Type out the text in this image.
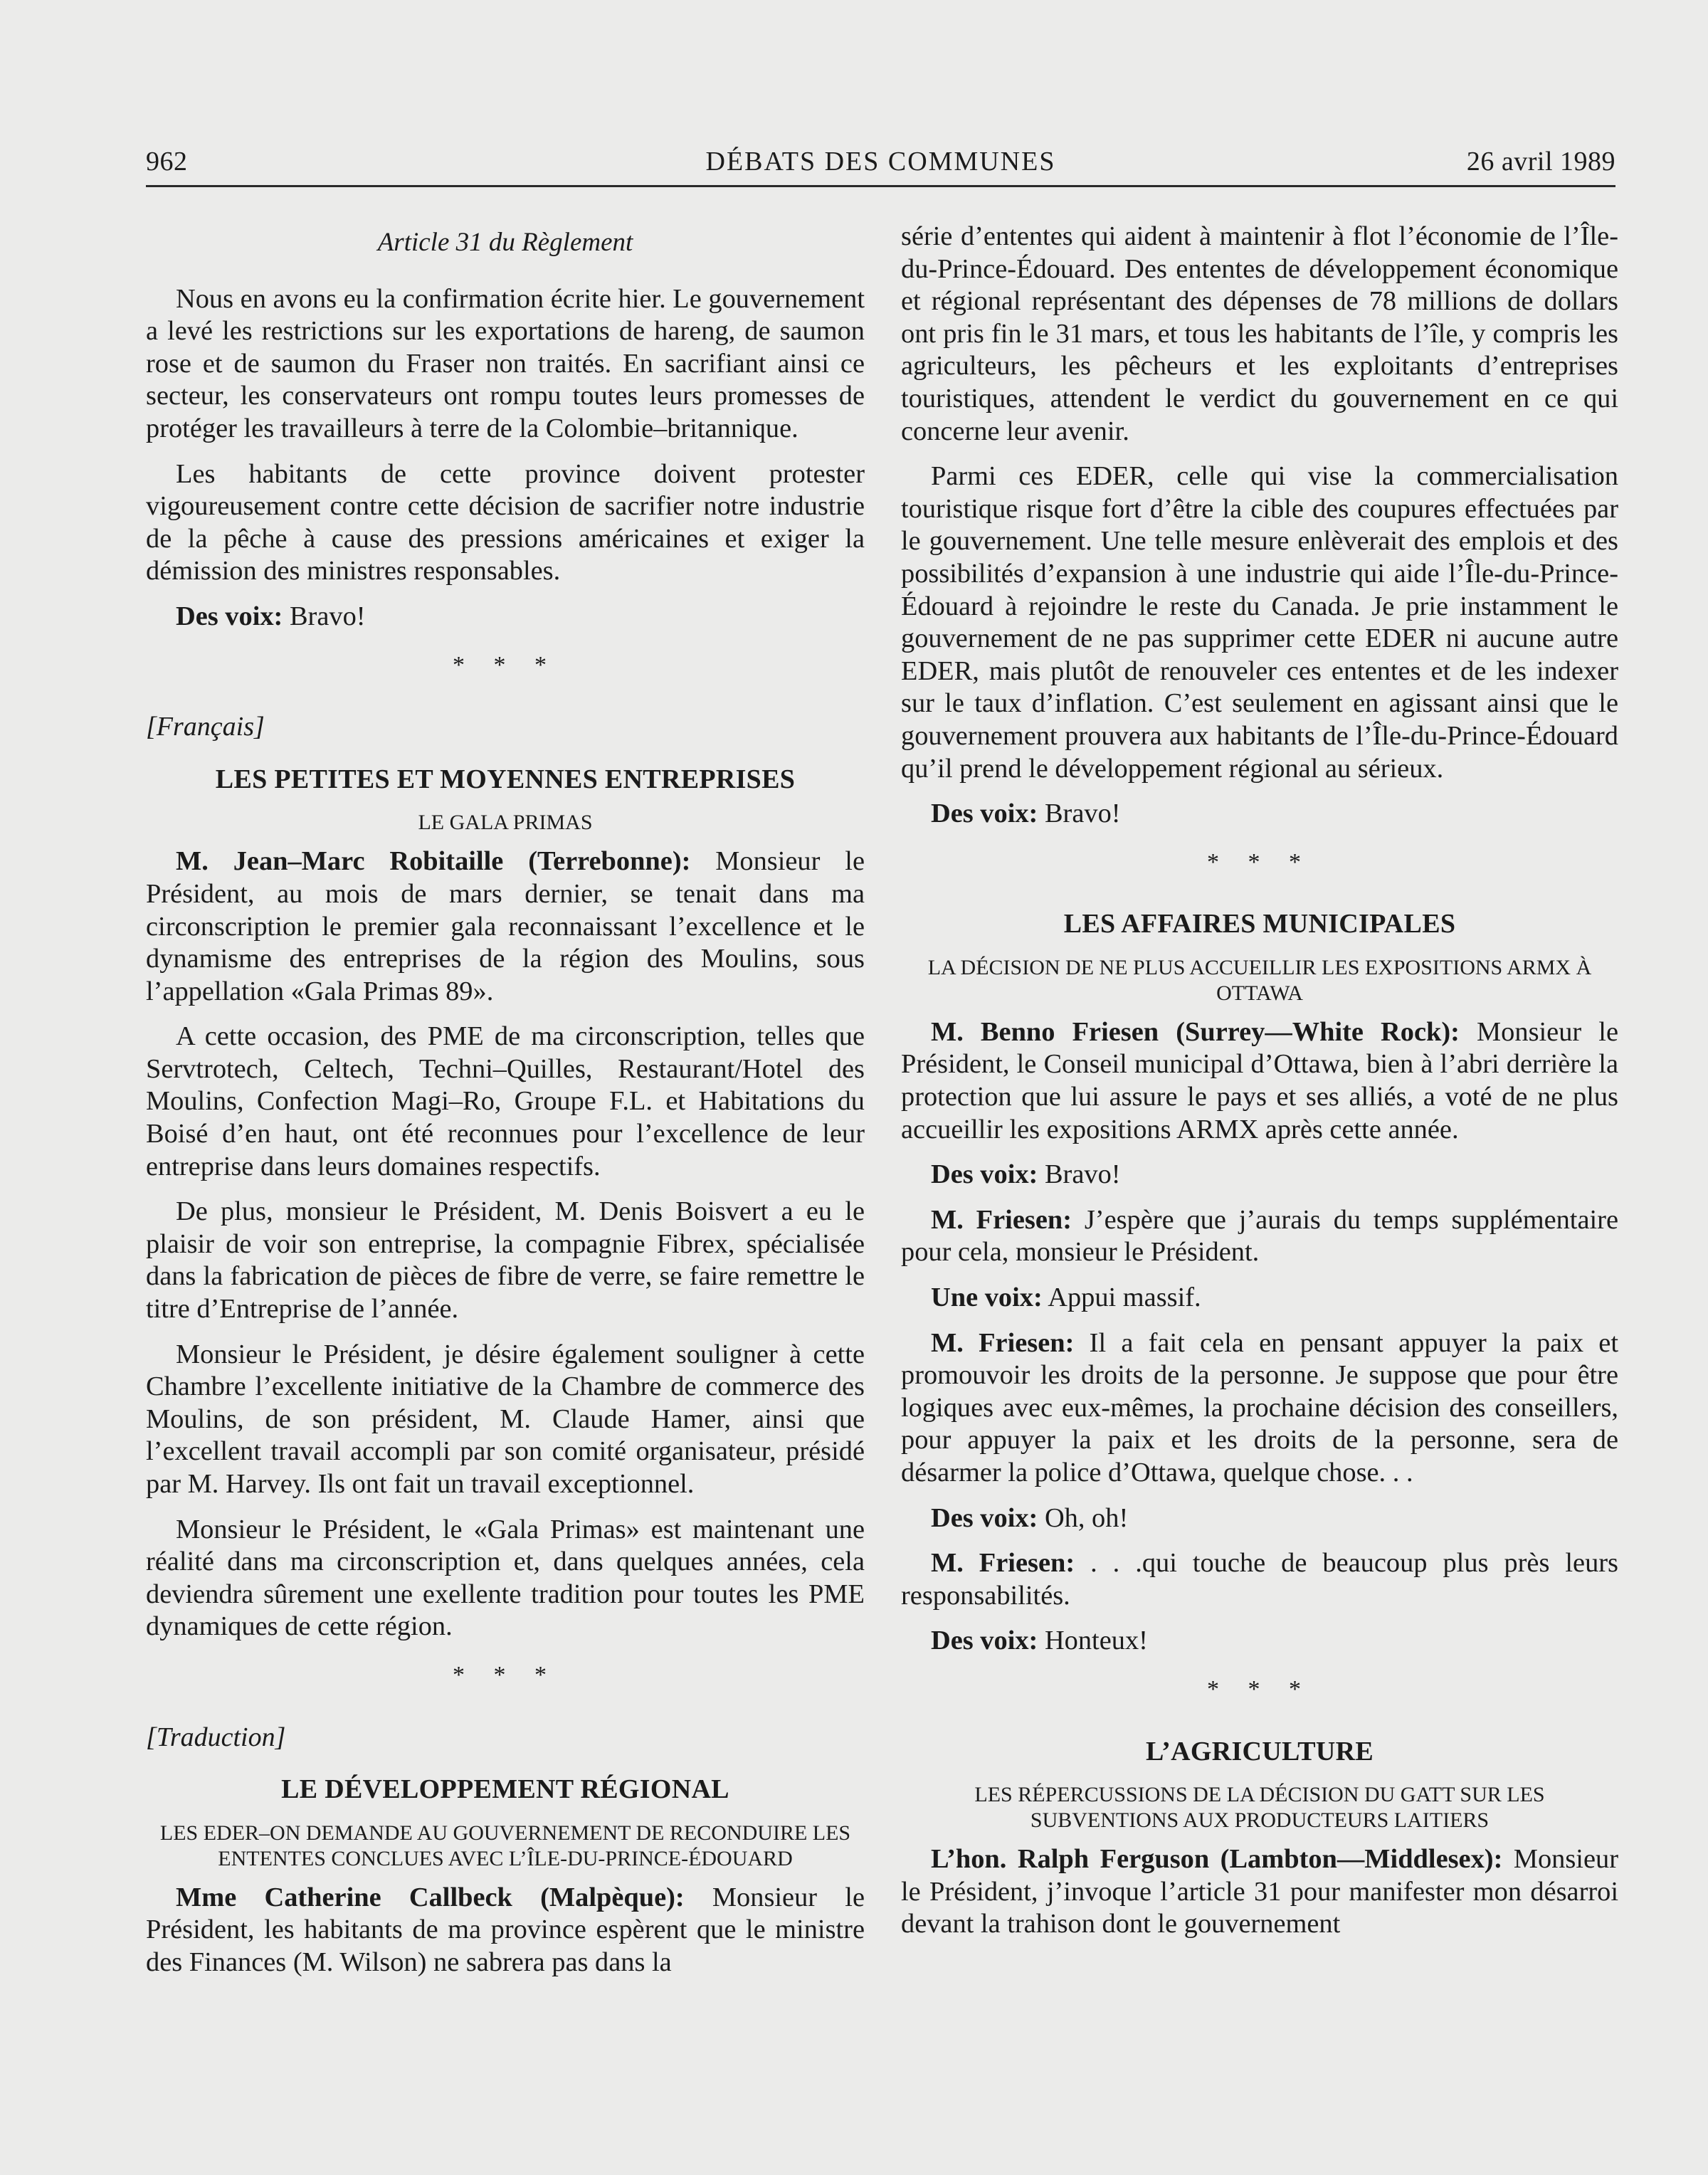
962	DÉBATS DES COMMUNES	26 avril 1989
Article 31 du Règlement

Nous en avons eu la confirmation écrite hier. Le gouvernement a levé les restrictions sur les exportations de hareng, de saumon rose et de saumon du Fraser non traités. En sacrifiant ainsi ce secteur, les conservateurs ont rompu toutes leurs promesses de protéger les travailleurs à terre de la Colombie–britannique.

Les habitants de cette province doivent protester vigoureusement contre cette décision de sacrifier notre industrie de la pêche à cause des pressions américaines et exiger la démission des ministres responsables.

Des voix: Bravo!

* * *
[Français]
LES PETITES ET MOYENNES ENTREPRISES
LE GALA PRIMAS

M. Jean–Marc Robitaille (Terrebonne): Monsieur le Président, au mois de mars dernier, se tenait dans ma circonscription le premier gala reconnaissant l’excellence et le dynamisme des entreprises de la région des Moulins, sous l’appellation «Gala Primas 89».

A cette occasion, des PME de ma circonscription, telles que Servtrotech, Celtech, Techni–Quilles, Restaurant/Hotel des Moulins, Confection Magi–Ro, Groupe F.L. et Habitations du Boisé d’en haut, ont été reconnues pour l’excellence de leur entreprise dans leurs domaines respectifs.

De plus, monsieur le Président, M. Denis Boisvert a eu le plaisir de voir son entreprise, la compagnie Fibrex, spécialisée dans la fabrication de pièces de fibre de verre, se faire remettre le titre d’Entreprise de l’année.

Monsieur le Président, je désire également souligner à cette Chambre l’excellente initiative de la Chambre de commerce des Moulins, de son président, M. Claude Hamer, ainsi que l’excellent travail accompli par son comité organisateur, présidé par M. Harvey. Ils ont fait un travail exceptionnel.

Monsieur le Président, le «Gala Primas» est maintenant une réalité dans ma circonscription et, dans quelques années, cela deviendra sûrement une exellente tradition pour toutes les PME dynamiques de cette région.

* * *
[Traduction]
LE DÉVELOPPEMENT RÉGIONAL
LES EDER–ON DEMANDE AU GOUVERNEMENT DE RECONDUIRE LES ENTENTES CONCLUES AVEC L’ÎLE-DU-PRINCE-ÉDOUARD

Mme Catherine Callbeck (Malpèque): Monsieur le Président, les habitants de ma province espèrent que le ministre des Finances (M. Wilson) ne sabrera pas dans la

série d’ententes qui aident à maintenir à flot l’économie de l’Île-du-Prince-Édouard. Des ententes de développement économique et régional représentant des dépenses de 78 millions de dollars ont pris fin le 31 mars, et tous les habitants de l’île, y compris les agriculteurs, les pêcheurs et les exploitants d’entreprises touristiques, attendent le verdict du gouvernement en ce qui concerne leur avenir.

Parmi ces EDER, celle qui vise la commercialisation touristique risque fort d’être la cible des coupures effectuées par le gouvernement. Une telle mesure enlèverait des emplois et des possibilités d’expansion à une industrie qui aide l’Île-du-Prince-Édouard à rejoindre le reste du Canada. Je prie instamment le gouvernement de ne pas supprimer cette EDER ni aucune autre EDER, mais plutôt de renouveler ces ententes et de les indexer sur le taux d’inflation. C’est seulement en agissant ainsi que le gouvernement prouvera aux habitants de l’Île-du-Prince-Édouard qu’il prend le développement régional au sérieux.

Des voix: Bravo!

* * *
LES AFFAIRES MUNICIPALES
LA DÉCISION DE NE PLUS ACCUEILLIR LES EXPOSITIONS ARMX À OTTAWA

M. Benno Friesen (Surrey—White Rock): Monsieur le Président, le Conseil municipal d’Ottawa, bien à l’abri derrière la protection que lui assure le pays et ses alliés, a voté de ne plus accueillir les expositions ARMX après cette année.

Des voix: Bravo!

M. Friesen: J’espère que j’aurais du temps supplémentaire pour cela, monsieur le Président.

Une voix: Appui massif.

M. Friesen: Il a fait cela en pensant appuyer la paix et promouvoir les droits de la personne. Je suppose que pour être logiques avec eux-mêmes, la prochaine décision des conseillers, pour appuyer la paix et les droits de la personne, sera de désarmer la police d’Ottawa, quelque chose. . .

Des voix: Oh, oh!

M. Friesen: . . .qui touche de beaucoup plus près leurs responsabilités.

Des voix: Honteux!

* * *
L’AGRICULTURE
LES RÉPERCUSSIONS DE LA DÉCISION DU GATT SUR LES SUBVENTIONS AUX PRODUCTEURS LAITIERS

L’hon. Ralph Ferguson (Lambton—Middlesex): Monsieur le Président, j’invoque l’article 31 pour manifester mon désarroi devant la trahison dont le gouvernement
